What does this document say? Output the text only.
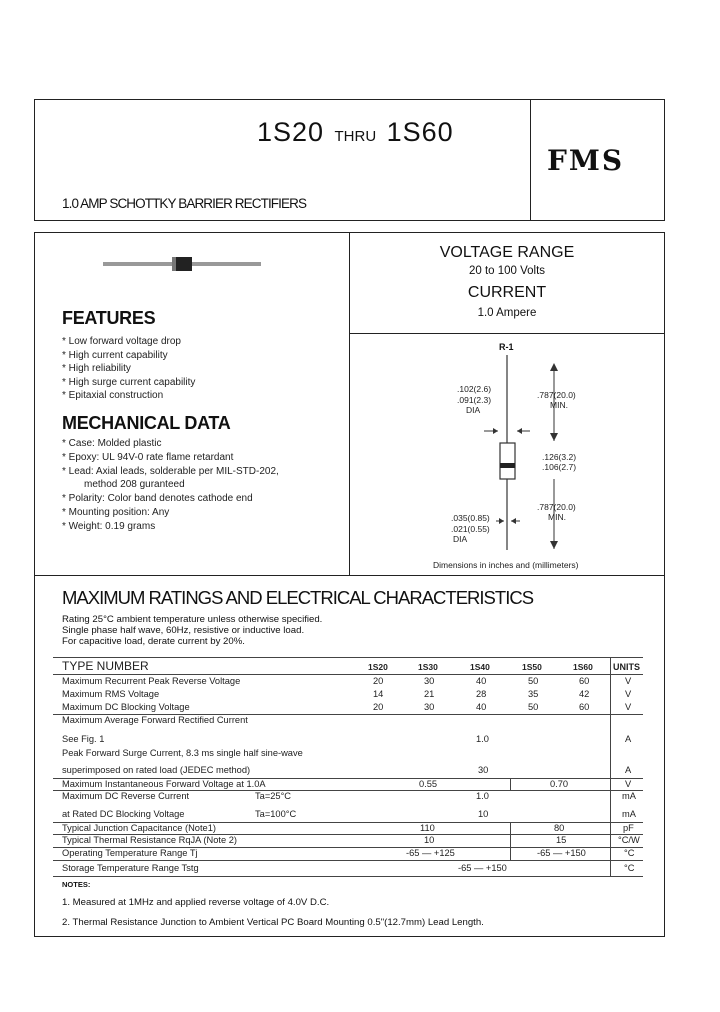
1S20 THRU 1S60
1.0 AMP SCHOTTKY BARRIER RECTIFIERS
FMS
FEATURES
* Low forward voltage drop
* High current capability
* High reliability
* High surge current capability
* Epitaxial construction
MECHANICAL DATA
* Case: Molded plastic
* Epoxy: UL 94V-0 rate flame retardant
* Lead: Axial leads, solderable per MIL-STD-202,
method 208 guranteed
* Polarity: Color band denotes cathode end
* Mounting position: Any
* Weight: 0.19 grams
VOLTAGE RANGE
20 to 100 Volts
CURRENT
1.0 Ampere
R-1
.102(2.6)
.091(2.3)
DIA
.787(20.0)
MIN.
.126(3.2)
.106(2.7)
.787(20.0)
MIN.
.035(0.85)
.021(0.55)
DIA
Dimensions in inches and (millimeters)
MAXIMUM RATINGS AND ELECTRICAL CHARACTERISTICS
Rating 25°C ambient temperature unless otherwise specified.
Single phase half wave, 60Hz, resistive or inductive load.
For capacitive load, derate current by 20%.
TYPE NUMBER	1S20	1S30	1S40	1S50	1S60 UNITS
Maximum Recurrent Peak Reverse Voltage	20	30	40	50	60	V
Maximum RMS Voltage	14	21	28	35	42	V
Maximum DC Blocking Voltage	20	30	40	50	60	V
Maximum Average Forward Rectified Current
See Fig. 1	1.0	A
Peak Forward Surge Current, 8.3 ms single half sine-wave
superimposed on rated load (JEDEC method)	30	A
Maximum Instantaneous Forward Voltage at 1.0A	0.55	0.70	V
Maximum DC Reverse Current	Ta=25°C	1.0	mA
at Rated DC Blocking Voltage	Ta=100°C	10	mA
Typical Junction Capacitance (Note1)	110	80	pF
Typical Thermal Resistance RqJA (Note 2)	10	15	°C/W
Operating Temperature Range Tj	-65 — +125	-65 — +150	°C
Storage Temperature Range Tstg	-65 — +150	°C
NOTES:
1. Measured at 1MHz and applied reverse voltage of 4.0V D.C.
2. Thermal Resistance Junction to Ambient Vertical PC Board Mounting 0.5"(12.7mm) Lead Length.
